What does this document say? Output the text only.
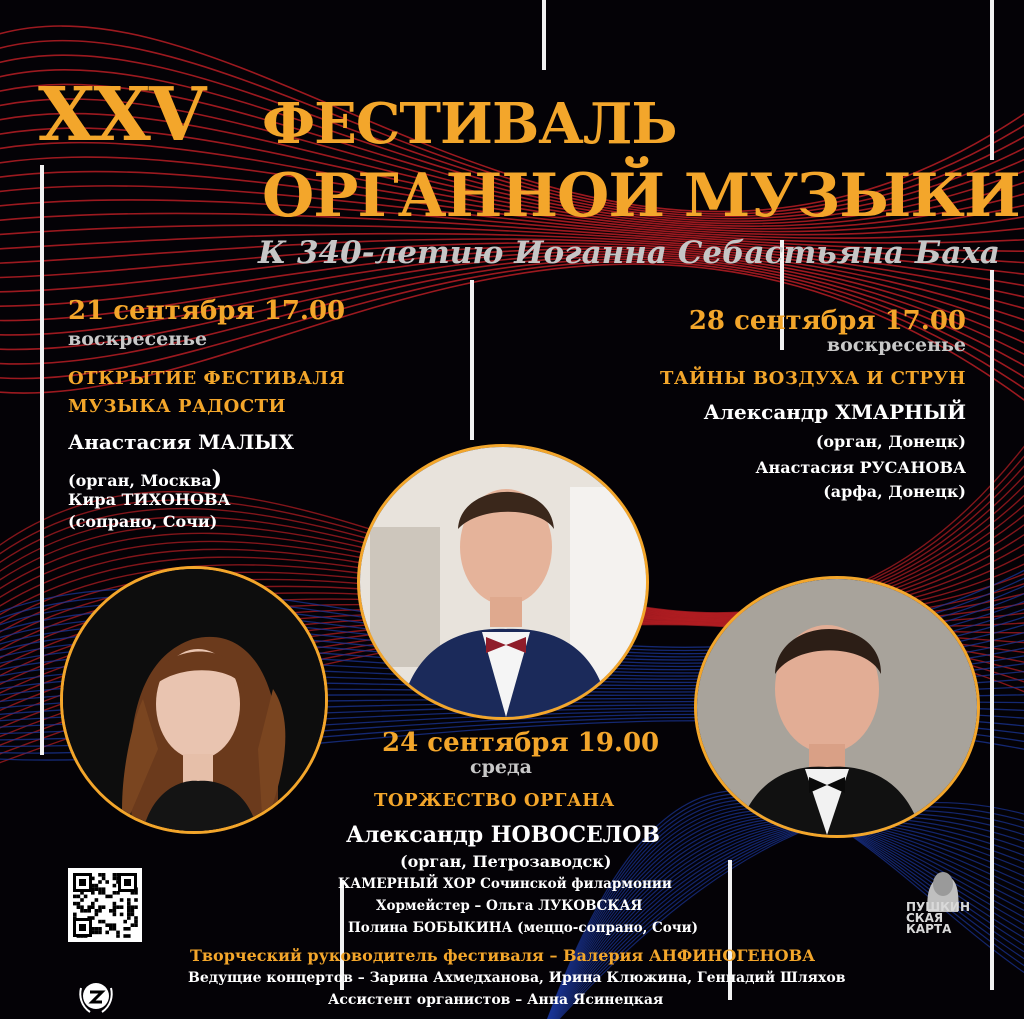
XXV ФЕСТИВАЛЬ
ОРГАННОЙ МУЗЫКИ
К 340-летию Иоганна Себастьяна Баха
21 сентября 17.00
воскресенье
ОТКРЫТИЕ ФЕСТИВАЛЯ
МУЗЫКА РАДОСТИ
Анастасия МАЛЫХ
(орган, Москва)
Кира ТИХОНОВА
(сопрано, Сочи)
28 сентября 17.00
воскресенье
ТАЙНЫ ВОЗДУХА И СТРУН
Александр ХМАРНЫЙ
(орган, Донецк)
Анастасия РУСАНОВА
(арфа, Донецк)
24 сентября 19.00
среда
ТОРЖЕСТВО ОРГАНА
Александр НОВОСЕЛОВ
(орган, Петрозаводск)
КАМЕРНЫЙ ХОР Сочинской филармонии
Хормейстер – Ольга ЛУКОВСКАЯ
Полина БОБЫКИНА (меццо-сопрано, Сочи)
Творческий руководитель фестиваля – Валерия АНФИНОГЕНОВА
Ведущие концертов – Зарина Ахмедханова, Ирина Клюжина, Геннадий Шляхов
Ассистент органистов – Анна Ясинецкая
ПУШКИН
СКАЯ
КАРТА
